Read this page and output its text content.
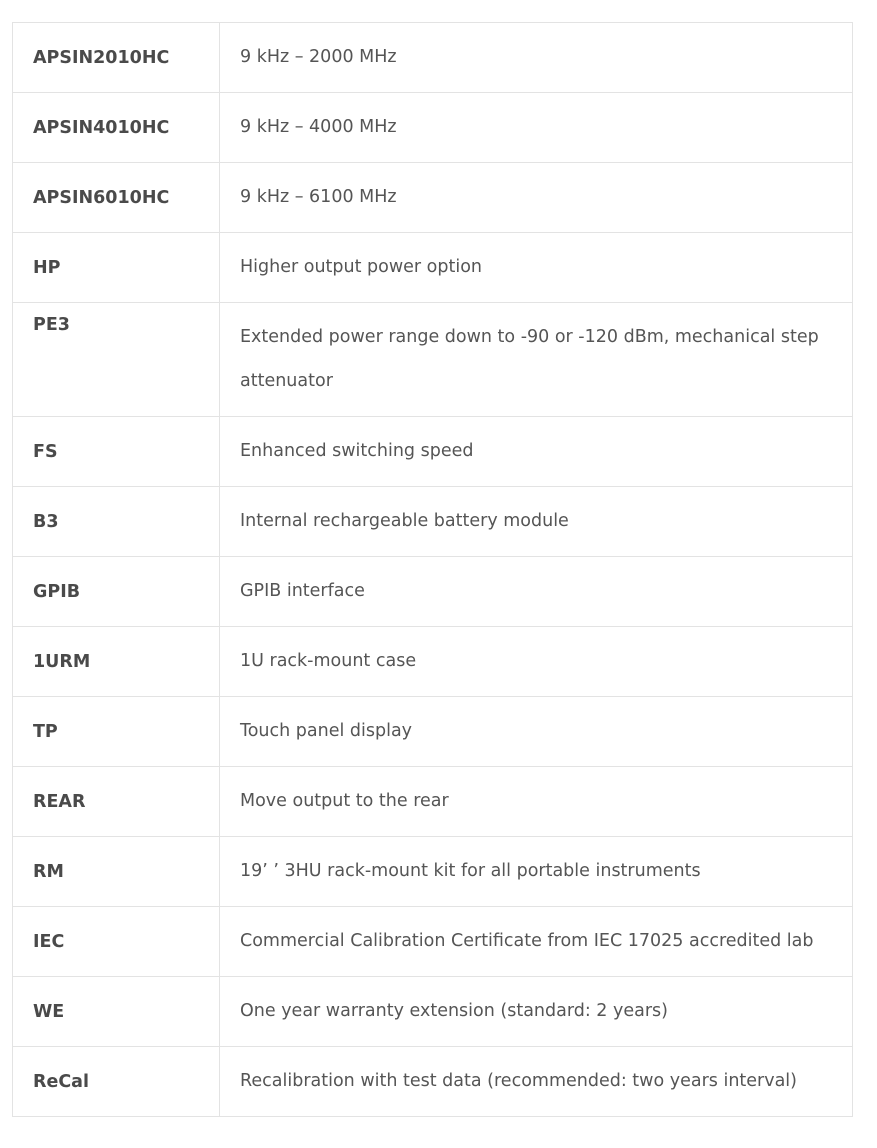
APSIN2010HC	9 kHz – 2000 MHz
APSIN4010HC	9 kHz – 4000 MHz
APSIN6010HC	9 kHz – 6100 MHz
HP	Higher output power option
PE3	Extended power range down to -90 or -120 dBm, mechanical step attenuator
FS	Enhanced switching speed
B3	Internal rechargeable battery module
GPIB	GPIB interface
1URM	1U rack-mount case
TP	Touch panel display
REAR	Move output to the rear
RM	19’ ’ 3HU rack-mount kit for all portable instruments
IEC	Commercial Calibration Certificate from IEC 17025 accredited lab
WE	One year warranty extension (standard: 2 years)
ReCal	Recalibration with test data (recommended: two years interval)
